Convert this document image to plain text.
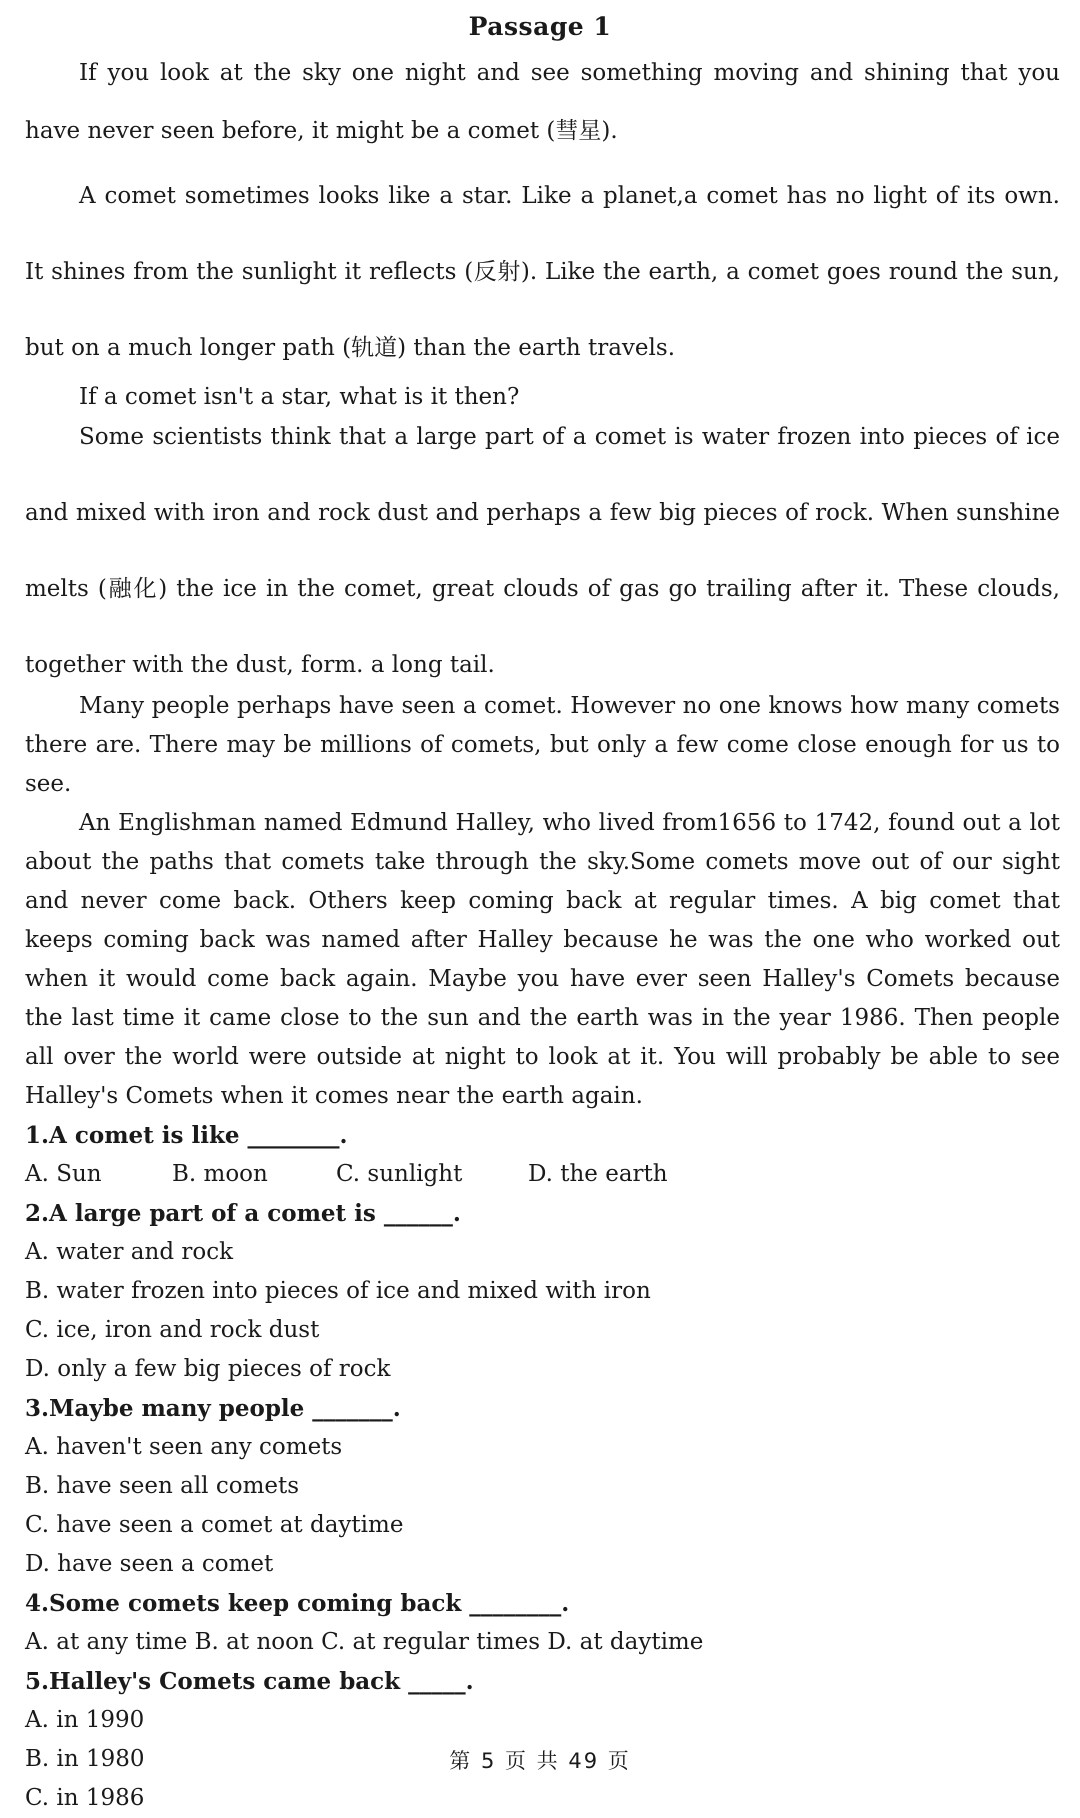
Passage 1

If you look at the sky one night and see something moving and shining that you have never seen before, it might be a comet (彗星).

A comet sometimes looks like a star. Like a planet,a comet has no light of its own. It shines from the sunlight it reflects (反射). Like the earth, a comet goes round the sun, but on a much longer path (轨道) than the earth travels.

If a comet isn't a star, what is it then?

Some scientists think that a large part of a comet is water frozen into pieces of ice and mixed with iron and rock dust and perhaps a few big pieces of rock. When sunshine melts (融化) the ice in the comet, great clouds of gas go trailing after it. These clouds, together with the dust, form. a long tail.

Many people perhaps have seen a comet. However no one knows how many comets there are. There may be millions of comets, but only a few come close enough for us to see.

An Englishman named Edmund Halley, who lived from1656 to 1742, found out a lot about the paths that comets take through the sky.Some comets move out of our sight and never come back. Others keep coming back at regular times. A big comet that keeps coming back was named after Halley because he was the one who worked out when it would come back again. Maybe you have ever seen Halley's Comets because the last time it came close to the sun and the earth was in the year 1986. Then people all over the world were outside at night to look at it. You will probably be able to see Halley's Comets when it comes near the earth again.

1.A comet is like ________.

A. Sun	B. moon	C. sunlight	D. the earth

2.A large part of a comet is ______.

A. water and rock

B. water frozen into pieces of ice and mixed with iron

C. ice, iron and rock dust

D. only a few big pieces of rock

3.Maybe many people _______.

A. haven't seen any comets

B. have seen all comets

C. have seen a comet at daytime

D. have seen a comet

4.Some comets keep coming back ________.

A. at any time B. at noon C. at regular times D. at daytime

5.Halley's Comets came back _____.

A. in 1990

B. in 1980

C. in 1986

第 5 页 共 49 页
